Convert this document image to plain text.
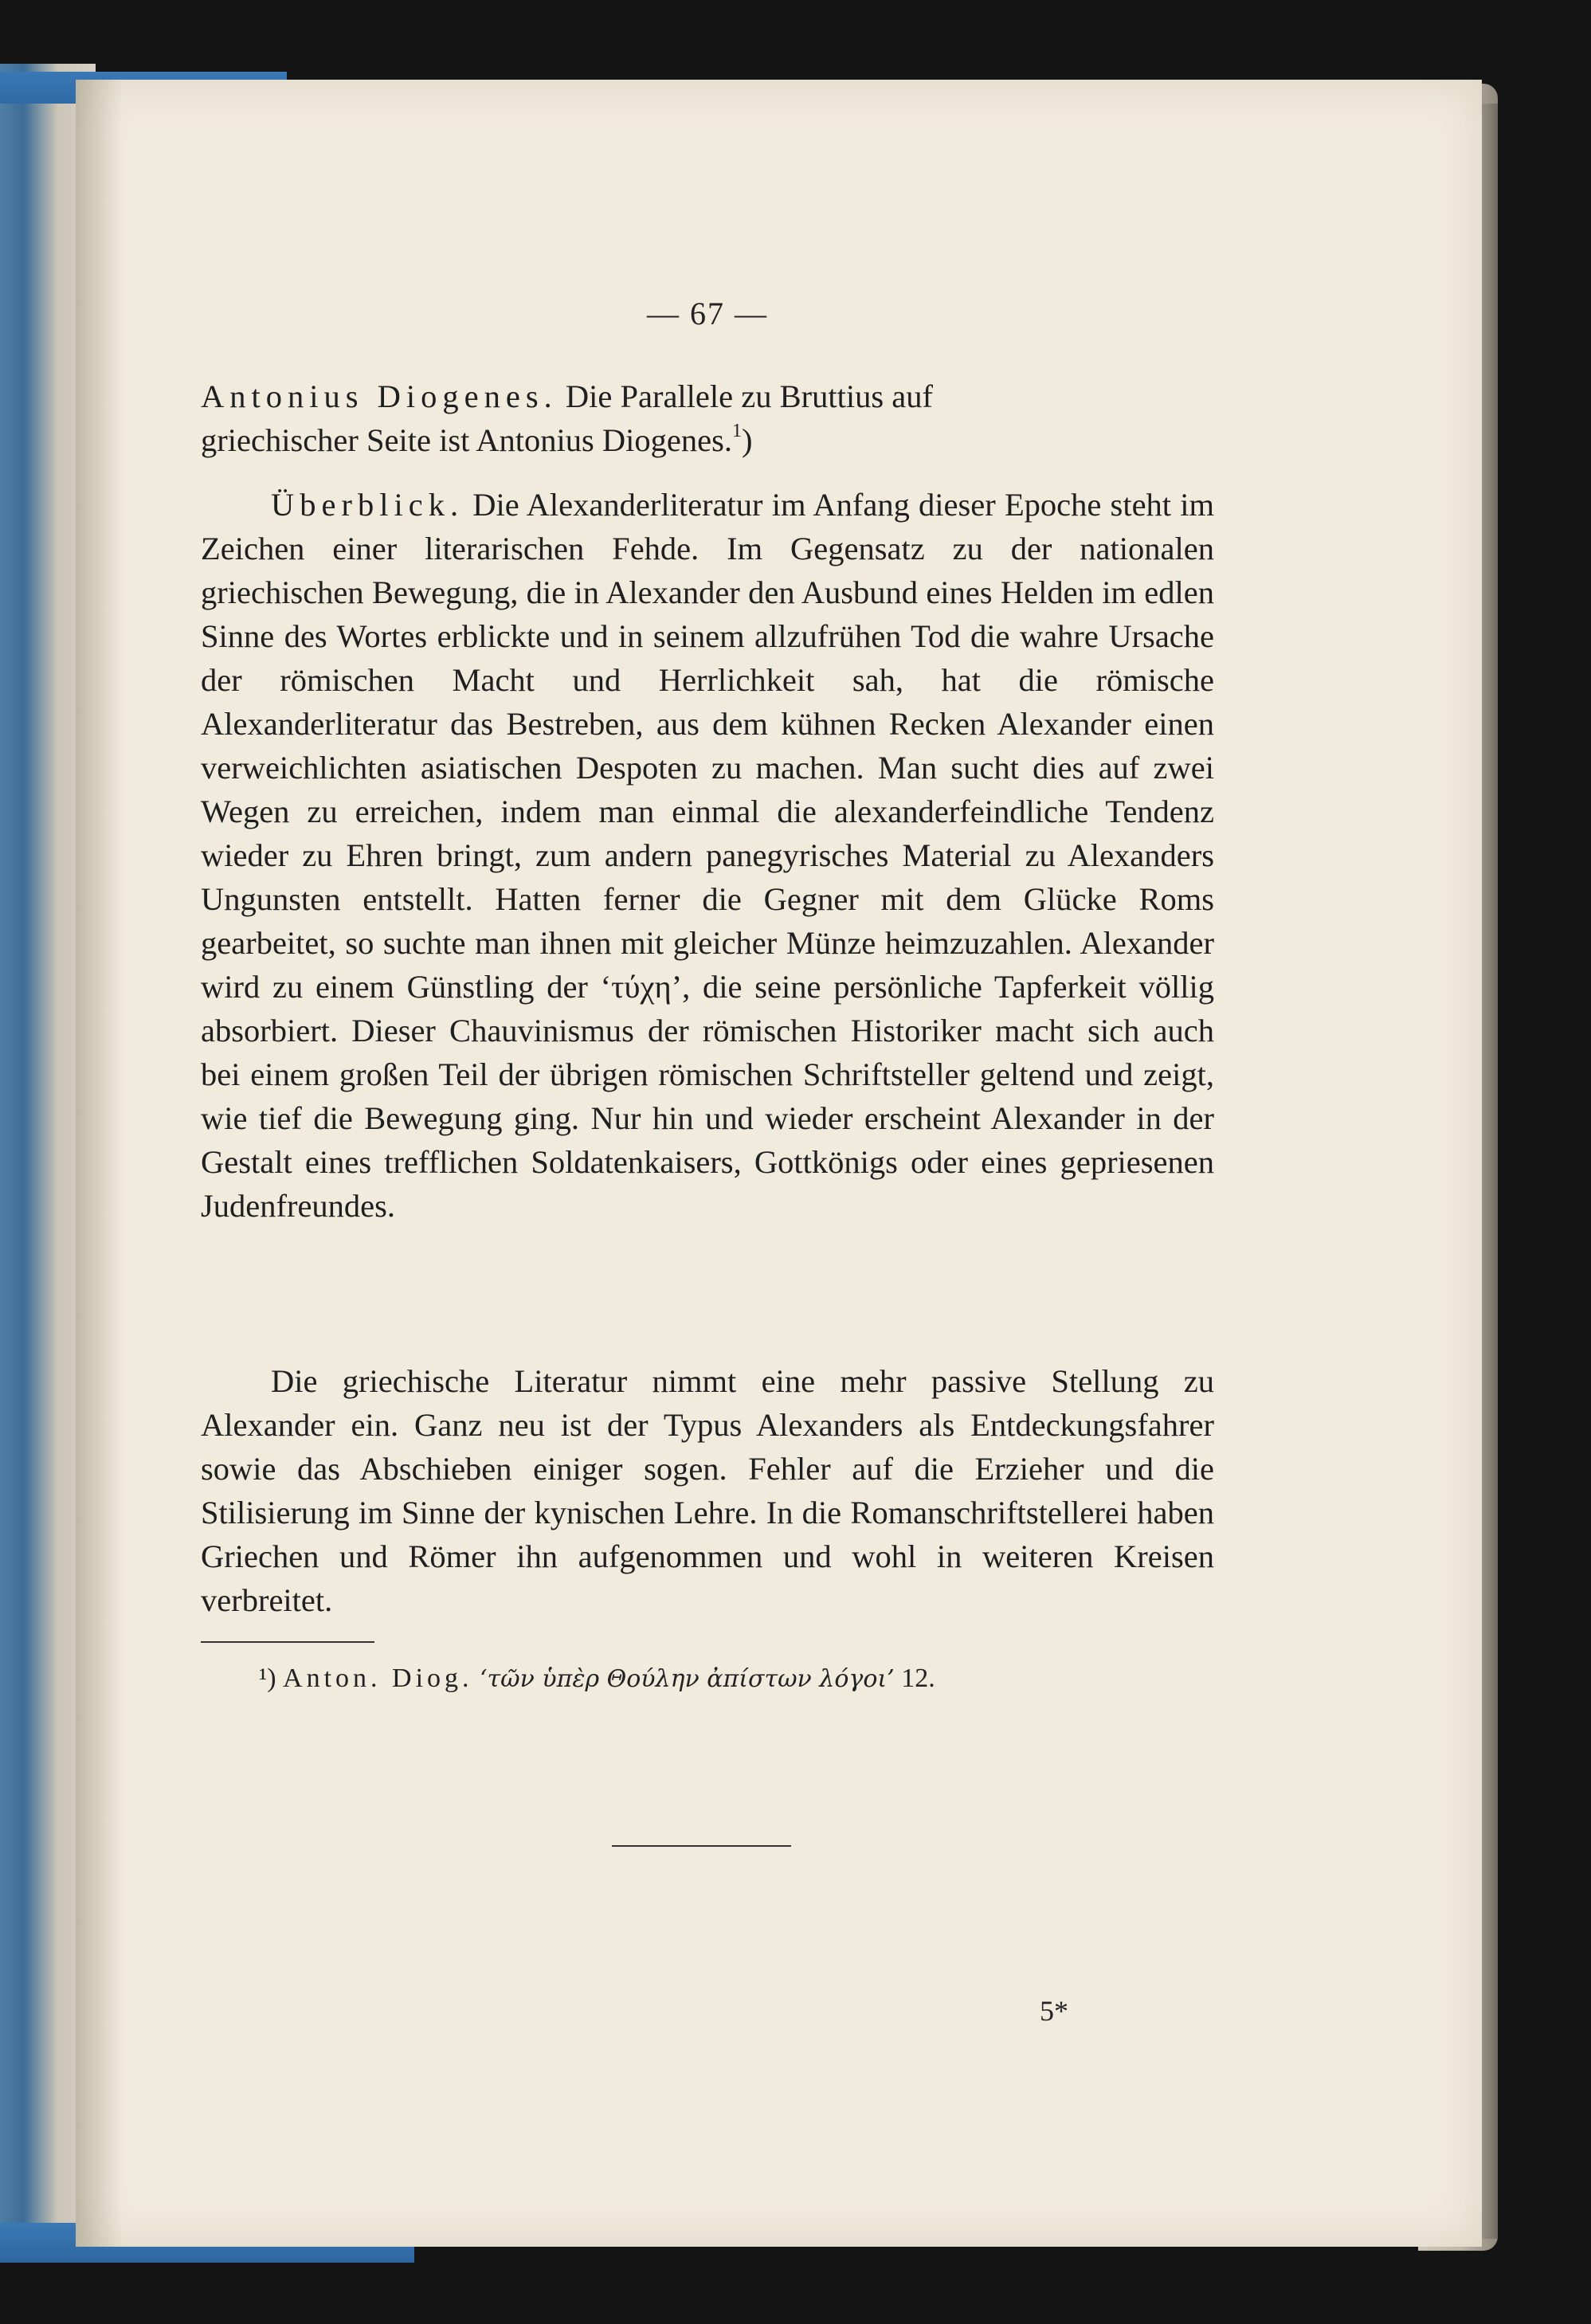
— 67 —
Antonius Diogenes. Die Parallele zu Bruttius auf
griechischer Seite ist Antonius Diogenes.$^1$)
Überblick. Die Alexanderliteratur im Anfang dieser Epoche steht im Zeichen einer literarischen Fehde. Im Gegensatz zu der nationalen griechischen Bewegung, die in Alexander den Ausbund eines Helden im edlen Sinne des Wortes erblickte und in seinem allzufrühen Tod die wahre Ursache der römischen Macht und Herrlichkeit sah, hat die römische Alexanderliteratur das Bestreben, aus dem kühnen Recken Alexander einen verweichlichten asiatischen Despoten zu machen. Man sucht dies auf zwei Wegen zu erreichen, indem man einmal die alexanderfeindliche Tendenz wieder zu Ehren bringt, zum andern panegyrisches Material zu Alexanders Ungunsten entstellt. Hatten ferner die Gegner mit dem Glücke Roms gearbeitet, so suchte man ihnen mit gleicher Münze heimzuzahlen. Alexander wird zu einem Günstling der ‘τύχη’, die seine persönliche Tapferkeit völlig absorbiert. Dieser Chauvinismus der römischen Historiker macht sich auch bei einem großen Teil der übrigen römischen Schriftsteller geltend und zeigt, wie tief die Bewegung ging. Nur hin und wieder erscheint Alexander in der Gestalt eines trefflichen Soldatenkaisers, Gottkönigs oder eines gepriesenen Judenfreundes.
Die griechische Literatur nimmt eine mehr passive Stellung zu Alexander ein. Ganz neu ist der Typus Alexanders als Entdeckungsfahrer sowie das Abschieben einiger sogen. Fehler auf die Erzieher und die Stilisierung im Sinne der kynischen Lehre. In die Romanschriftstellerei haben Griechen und Römer ihn aufgenommen und wohl in weiteren Kreisen verbreitet.
¹) Anton. Diog. ‘τῶν ὑπὲρ Θούλην ἀπίστων λόγοι’ 12.
5*
